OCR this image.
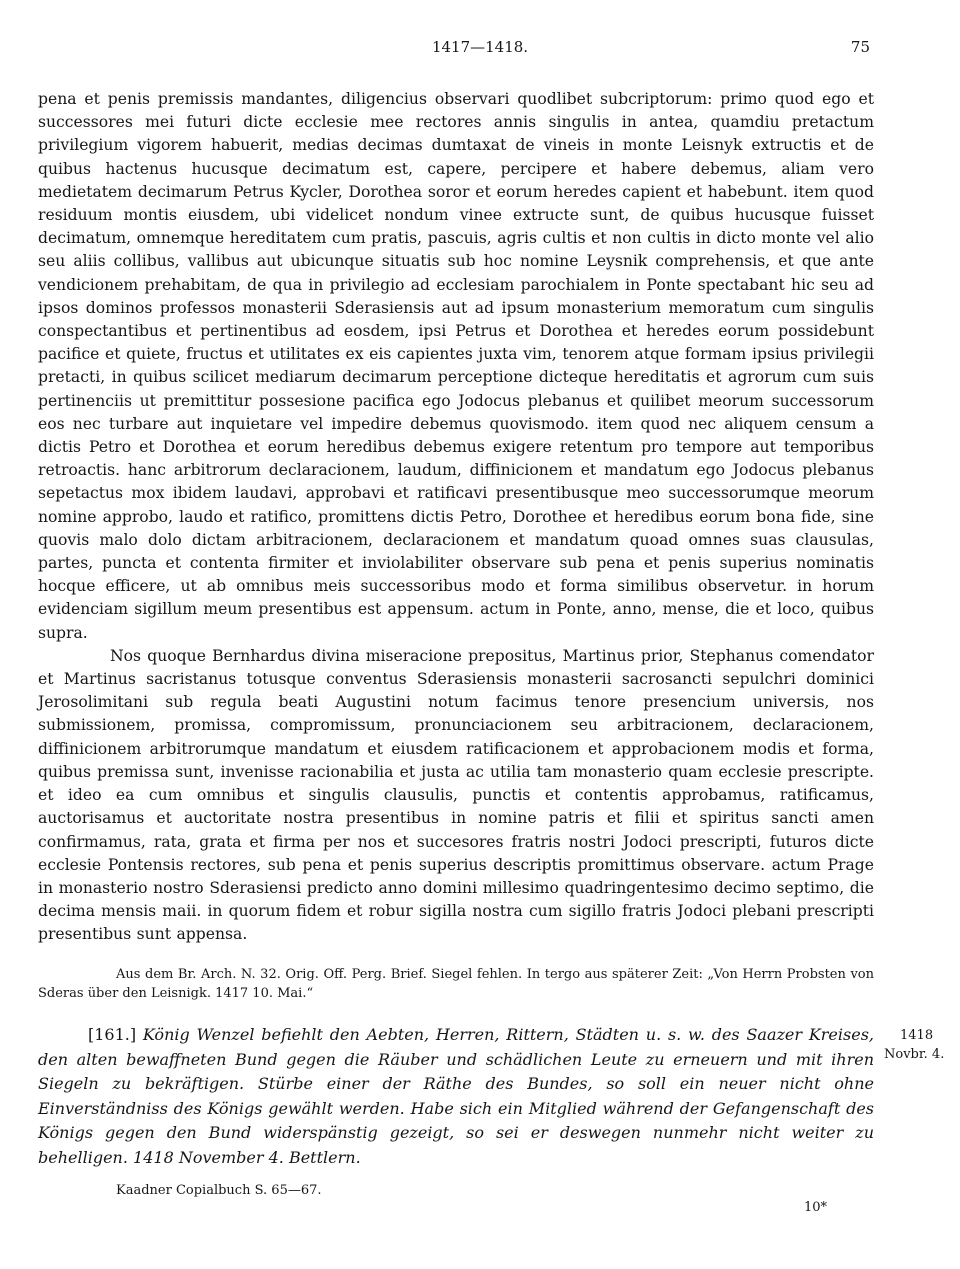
1417—1418.	75

pena et penis premissis mandantes, diligencius observari quodlibet subcriptorum: primo quod ego et successores mei futuri dicte ecclesie mee rectores annis singulis in antea, quamdiu pretactum privilegium vigorem habuerit, medias decimas dumtaxat de vineis in monte Leisnyk extructis et de quibus hactenus hucusque decimatum est, capere, percipere et habere debemus, aliam vero medietatem decimarum Petrus Kycler, Dorothea soror et eorum heredes capient et habebunt. item quod residuum montis eiusdem, ubi videlicet nondum vinee extructe sunt, de quibus hucusque fuisset decimatum, omnemque hereditatem cum pratis, pascuis, agris cultis et non cultis in dicto monte vel alio seu aliis collibus, vallibus aut ubicunque situatis sub hoc nomine Leysnik comprehensis, et que ante vendicionem prehabitam, de qua in privilegio ad ecclesiam parochialem in Ponte spectabant hic seu ad ipsos dominos professos monasterii Sderasiensis aut ad ipsum monasterium memoratum cum singulis conspectantibus et pertinentibus ad eosdem, ipsi Petrus et Dorothea et heredes eorum possidebunt pacifice et quiete, fructus et utilitates ex eis capientes juxta vim, tenorem atque formam ipsius privilegii pretacti, in quibus scilicet mediarum decimarum perceptione dicteque hereditatis et agrorum cum suis pertinenciis ut premittitur possesione pacifica ego Jodocus plebanus et quilibet meorum successorum eos nec turbare aut inquietare vel impedire debemus quovismodo. item quod nec aliquem censum a dictis Petro et Dorothea et eorum heredibus debemus exigere retentum pro tempore aut temporibus retroactis. hanc arbitrorum declaracionem, laudum, diffinicionem et mandatum ego Jodocus plebanus sepetactus mox ibidem laudavi, approbavi et ratificavi presentibusque meo successorumque meorum nomine approbo, laudo et ratifico, promittens dictis Petro, Dorothee et heredibus eorum bona fide, sine quovis malo dolo dictam arbitracionem, declaracionem et mandatum quoad omnes suas clausulas, partes, puncta et contenta firmiter et inviolabiliter observare sub pena et penis superius nominatis hocque efficere, ut ab omnibus meis successoribus modo et forma similibus observetur. in horum evidenciam sigillum meum presentibus est appensum. actum in Ponte, anno, mense, die et loco, quibus supra.

Nos quoque Bernhardus divina miseracione prepositus, Martinus prior, Stephanus comendator et Martinus sacristanus totusque conventus Sderasiensis monasterii sacrosancti sepulchri dominici Jerosolimitani sub regula beati Augustini notum facimus tenore presencium universis, nos submissionem, promissa, compromissum, pronunciacionem seu arbitracionem, declaracionem, diffinicionem arbitrorumque mandatum et eiusdem ratificacionem et approbacionem modis et forma, quibus premissa sunt, invenisse racionabilia et justa ac utilia tam monasterio quam ecclesie prescripte. et ideo ea cum omnibus et singulis clausulis, punctis et contentis approbamus, ratificamus, auctorisamus et auctoritate nostra presentibus in nomine patris et filii et spiritus sancti amen confirmamus, rata, grata et firma per nos et succesores fratris nostri Jodoci prescripti, futuros dicte ecclesie Pontensis rectores, sub pena et penis superius descriptis promittimus observare. actum Prage in monasterio nostro Sderasiensi predicto anno domini millesimo quadringentesimo decimo septimo, die decima mensis maii. in quorum fidem et robur sigilla nostra cum sigillo fratris Jodoci plebani prescripti presentibus sunt appensa.

Aus dem Br. Arch. N. 32. Orig. Off. Perg. Brief. Siegel fehlen. In tergo aus späterer Zeit: „Von Herrn Probsten von Sderas über den Leisnigk. 1417 10. Mai.“
[161.] König Wenzel befiehlt den Aebten, Herren, Rittern, Städten u. s. w. des Saazer Kreises, den alten bewaffneten Bund gegen die Räuber und schädlichen Leute zu erneuern und mit ihren Siegeln zu bekräftigen. Stürbe einer der Räthe des Bundes, so soll ein neuer nicht ohne Einverständniss des Königs gewählt werden. Habe sich ein Mitglied während der Gefangenschaft des Königs gegen den Bund widerspänstig gezeigt, so sei er deswegen nunmehr nicht weiter zu behelligen. 1418 November 4. Bettlern.
1418
Novbr. 4.
Kaadner Copialbuch S. 65—67.
10*
